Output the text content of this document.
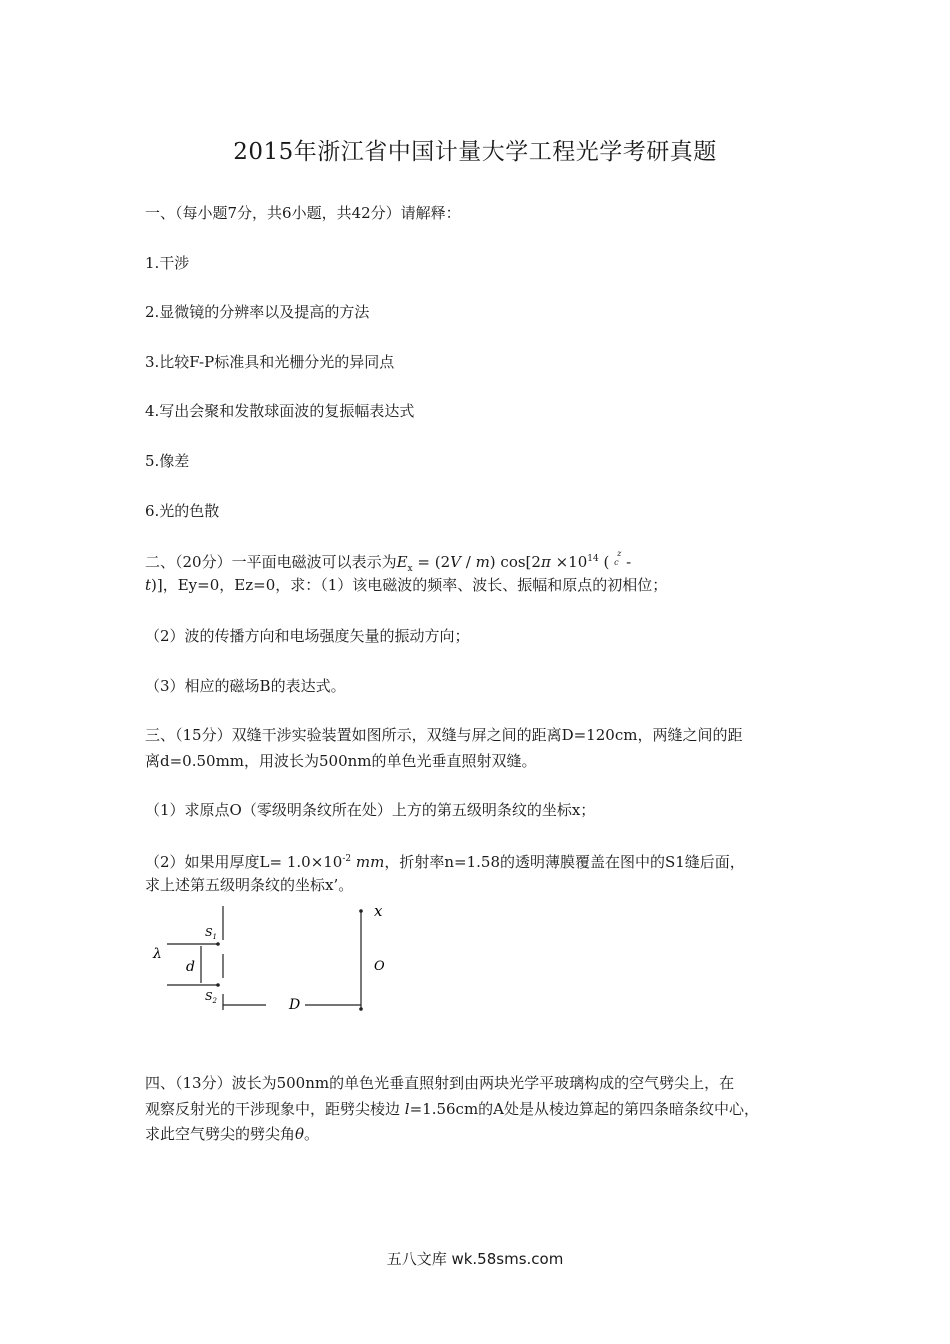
2015年浙江省中国计量大学工程光学考研真题
一、（每小题7分，共6小题，共42分）请解释：
1.干涉
2.显微镜的分辨率以及提高的方法
3.比较F-P标准具和光栅分光的异同点
4.写出会聚和发散球面波的复振幅表达式
5.像差
6.光的色散
二、（20分）一平面电磁波可以表示为$E_x = (2V / m)$ $\cos[2\pi \times 10^{14}$ ( z
c -
t)]，Ey=0，Ez=0，求：（1）该电磁波的频率、波长、振幅和原点的初相位；
（2）波的传播方向和电场强度矢量的振动方向；
（3）相应的磁场B的表达式。
三、（15分）双缝干涉实验装置如图所示，双缝与屏之间的距离D=120cm，两缝之间的距
离d=0.50mm，用波长为500nm的单色光垂直照射双缝。
（1）求原点O（零级明条纹所在处）上方的第五级明条纹的坐标x；
（2）如果用厚度$L= 1.0\times 10^{-2}$ mm，折射率n=1.58的透明薄膜覆盖在图中的S1缝后面，
求上述第五级明条纹的坐标x’。
λ
d
$S_1$
$S_2$	D
x
O
四、（13分）波长为500nm的单色光垂直照射到由两块光学平玻璃构成的空气劈尖上，在
观察反射光的干涉现象中，距劈尖棱边 l=1.56cm的A处是从棱边算起的第四条暗条纹中心，
求此空气劈尖的劈尖角θ。
五八文库 wk.58sms.com
